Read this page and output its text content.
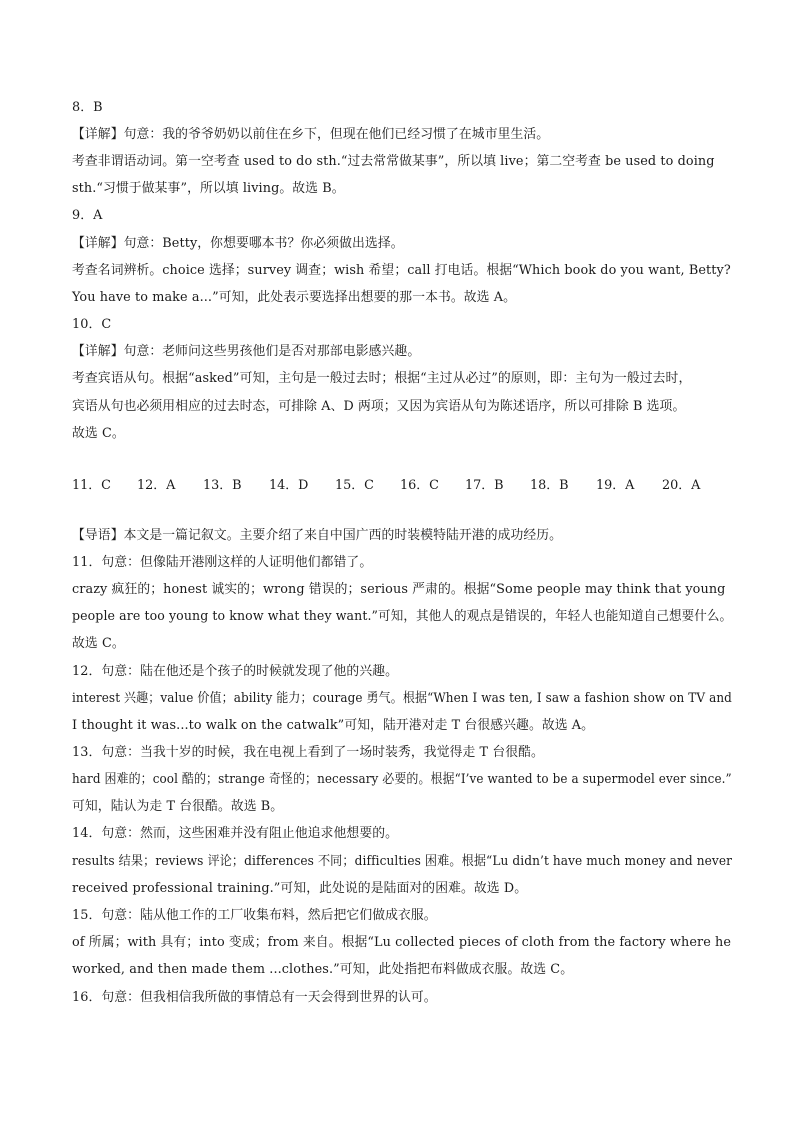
8．B
【详解】句意：我的爷爷奶奶以前住在乡下，但现在他们已经习惯了在城市里生活。
考查非谓语动词。第一空考查 used to do sth.“过去常常做某事”，所以填 live；第二空考查 be used to doing
sth.“习惯于做某事”，所以填 living。故选 B。
9．A
【详解】句意：Betty，你想要哪本书？你必须做出选择。
考查名词辨析。choice 选择；survey 调查；wish 希望；call 打电话。根据“Which book do you want, Betty?
You have to make a...”可知，此处表示要选择出想要的那一本书。故选 A。
10．C
【详解】句意：老师问这些男孩他们是否对那部电影感兴趣。
考查宾语从句。根据“asked”可知，主句是一般过去时；根据“主过从必过”的原则，即：主句为一般过去时，
宾语从句也必须用相应的过去时态，可排除 A、D 两项；又因为宾语从句为陈述语序，所以可排除 B 选项。
故选 C。
11．C 12．A 13．B 14．D 15．C 16．C 17．B 18．B 19．A 20．A
【导语】本文是一篇记叙文。主要介绍了来自中国广西的时装模特陆开港的成功经历。
11．句意：但像陆开港刚这样的人证明他们都错了。
crazy 疯狂的；honest 诚实的；wrong 错误的；serious 严肃的。根据“Some people may think that young
people are too young to know what they want.”可知，其他人的观点是错误的，年轻人也能知道自己想要什么。
故选 C。
12．句意：陆在他还是个孩子的时候就发现了他的兴趣。
interest 兴趣；value 价值；ability 能力；courage 勇气。根据“When I was ten, I saw a fashion show on TV and
I thought it was...to walk on the catwalk”可知，陆开港对走 T 台很感兴趣。故选 A。
13．句意：当我十岁的时候，我在电视上看到了一场时装秀，我觉得走 T 台很酷。
hard 困难的；cool 酷的；strange 奇怪的；necessary 必要的。根据“I’ve wanted to be a supermodel ever since.”
可知，陆认为走 T 台很酷。故选 B。
14．句意：然而，这些困难并没有阻止他追求他想要的。
results 结果；reviews 评论；differences 不同；difficulties 困难。根据“Lu didn’t have much money and never
received professional training.”可知，此处说的是陆面对的困难。故选 D。
15．句意：陆从他工作的工厂收集布料，然后把它们做成衣服。
of 所属；with 具有；into 变成；from 来自。根据“Lu collected pieces of cloth from the factory where he
worked, and then made them ...clothes.”可知，此处指把布料做成衣服。故选 C。
16．句意：但我相信我所做的事情总有一天会得到世界的认可。
